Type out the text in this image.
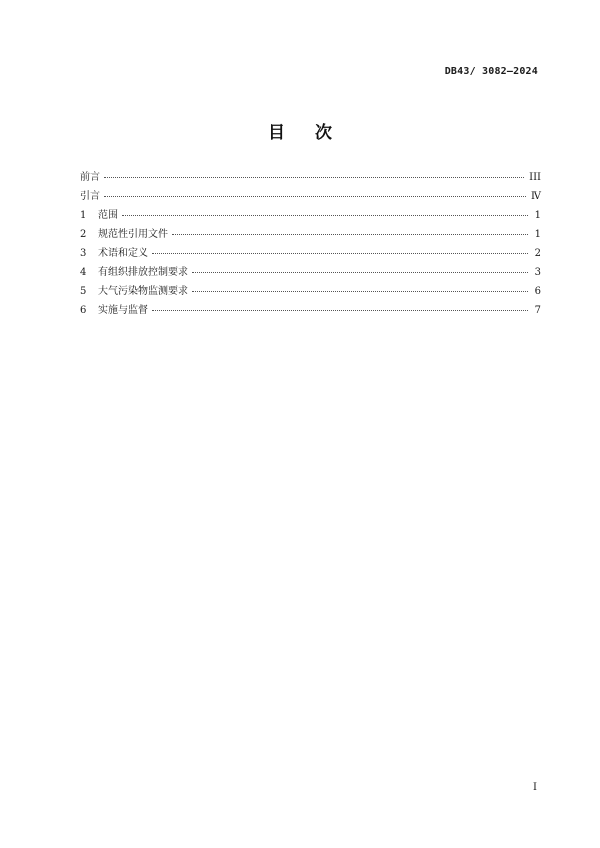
DB43/ 3082—2024
目 次
前言	III
引言	Ⅳ
1	范围	1
2	规范性引用文件	1
3	术语和定义	2
4	有组织排放控制要求	3
5	大气污染物监测要求	6
6	实施与监督	7
I
